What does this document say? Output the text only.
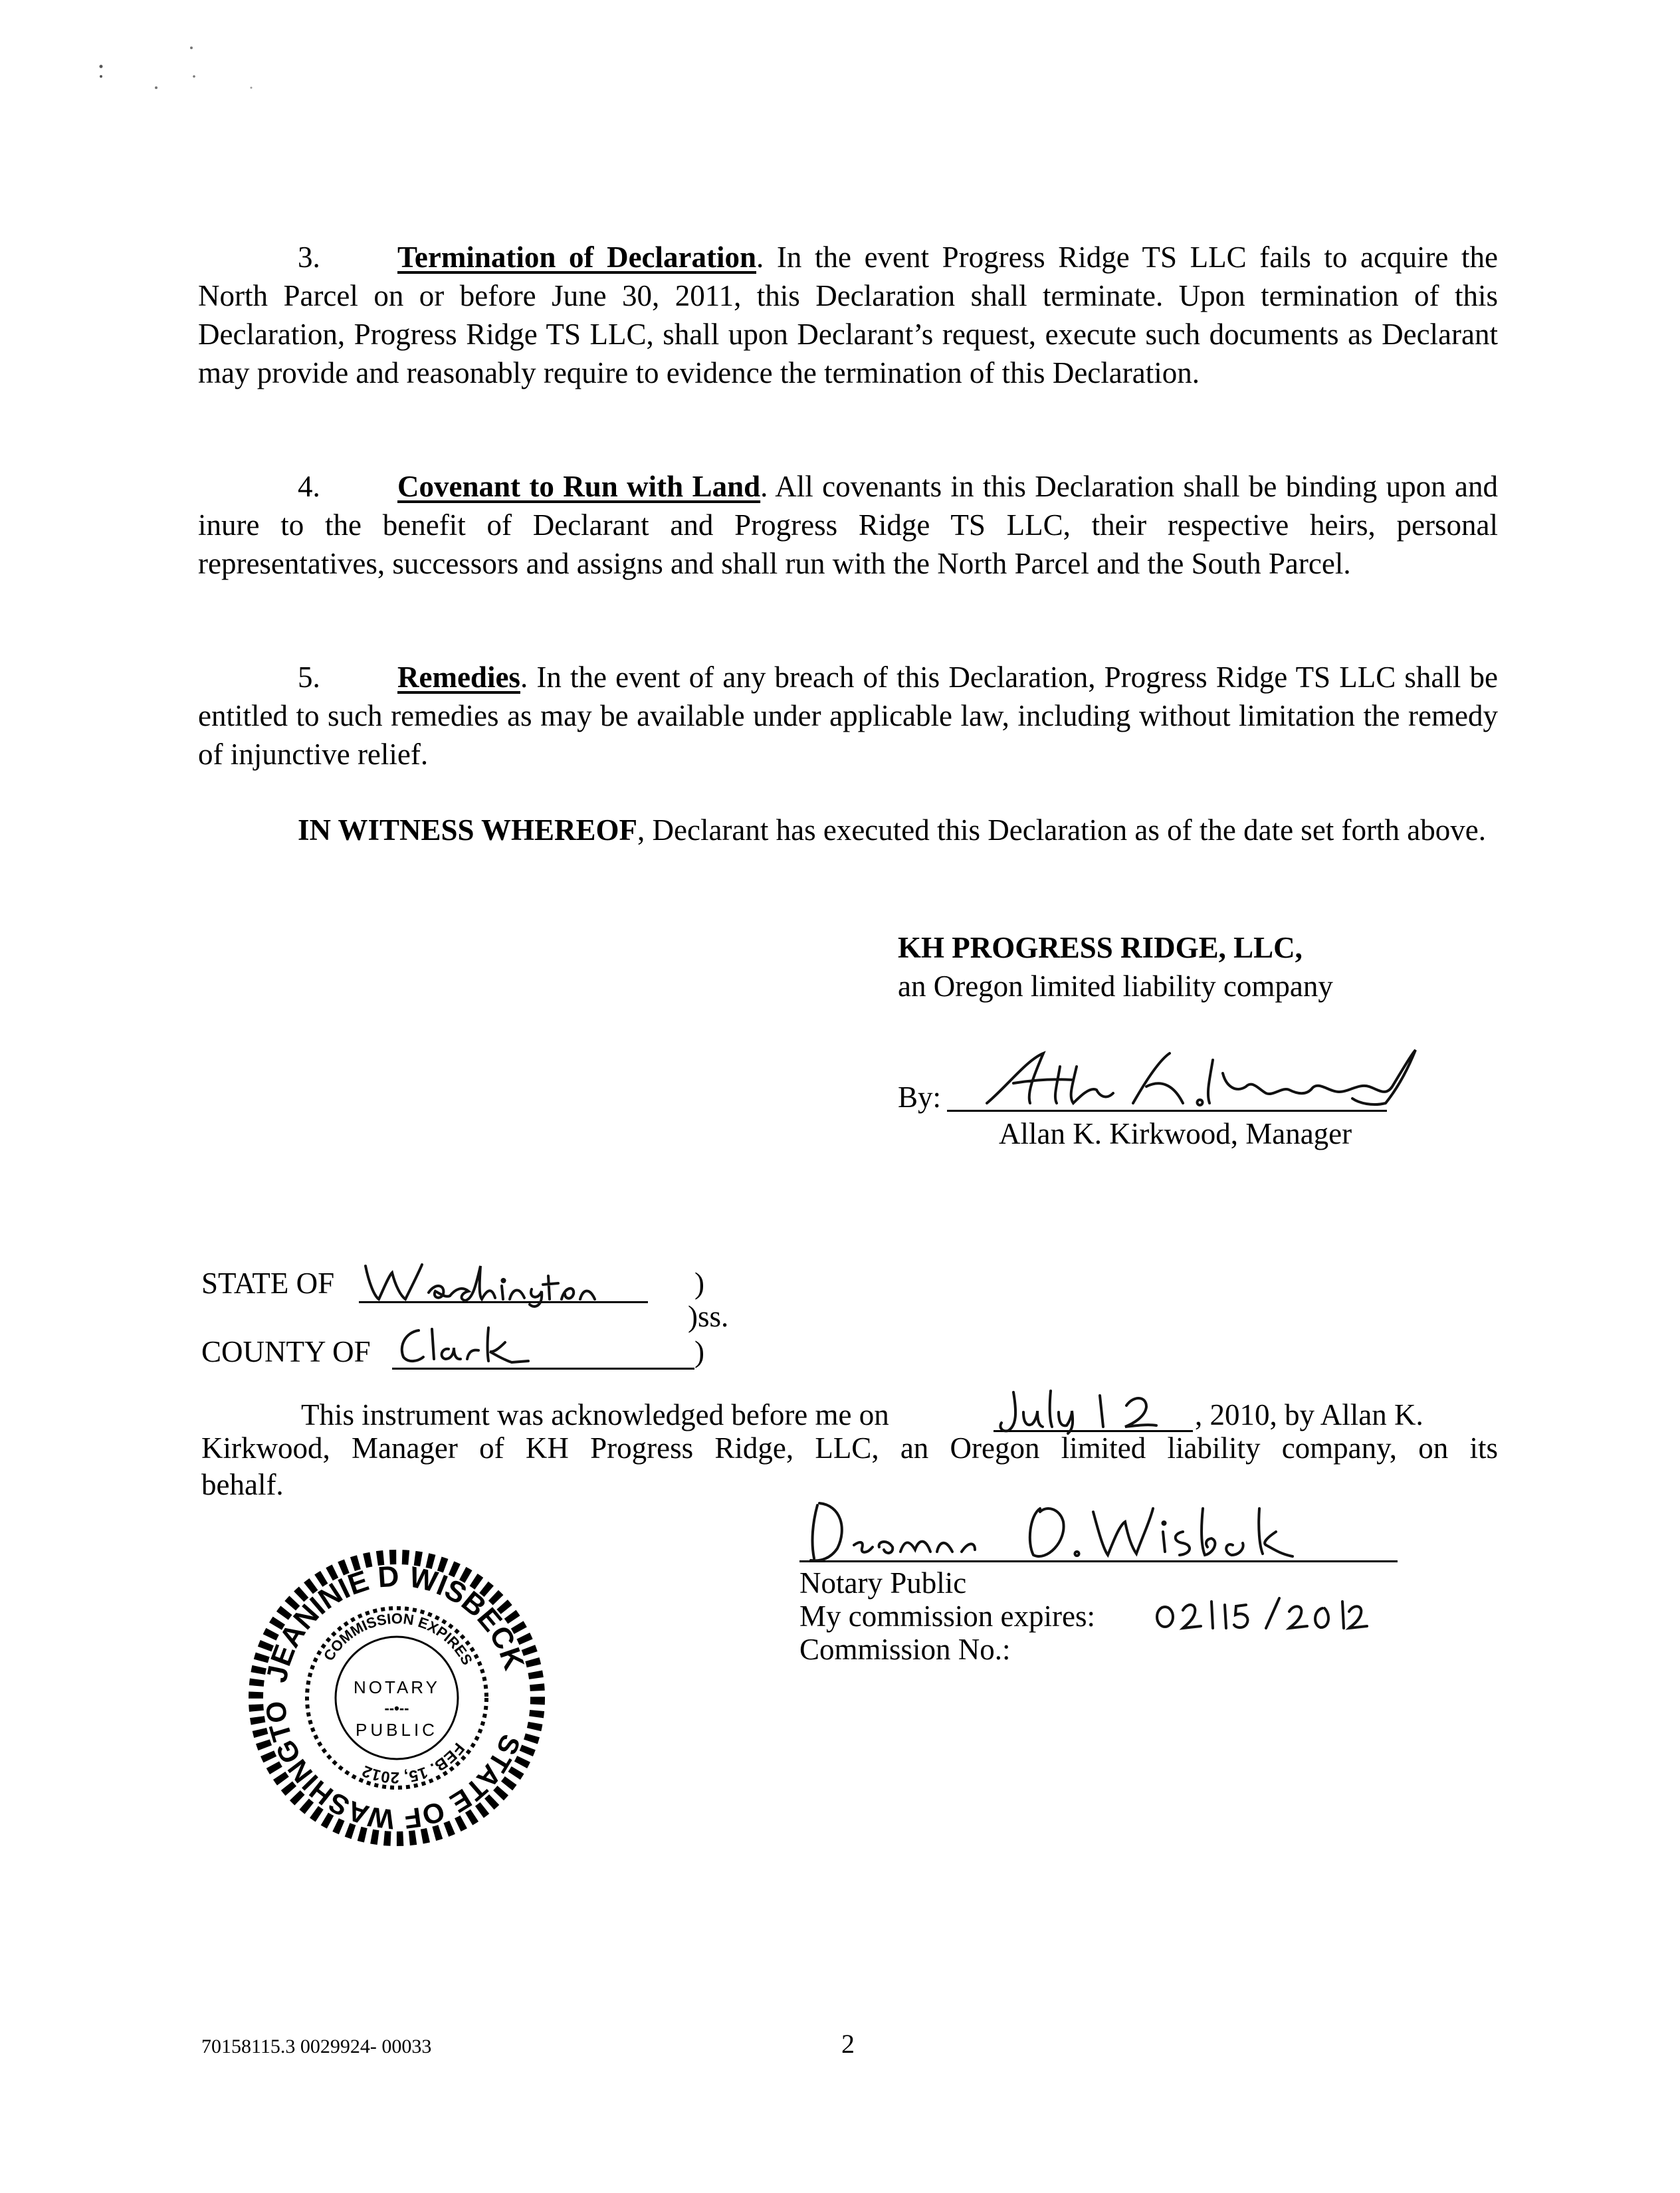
3.	Termination of Declaration. In the event Progress Ridge TS LLC fails to acquire the North Parcel on or before June 30, 2011, this Declaration shall terminate. Upon termination of this Declaration, Progress Ridge TS LLC, shall upon Declarant’s request, execute such documents as Declarant may provide and reasonably require to evidence the termination of this Declaration.

4.	Covenant to Run with Land. All covenants in this Declaration shall be binding upon and inure to the benefit of Declarant and Progress Ridge TS LLC, their respective heirs, personal representatives, successors and assigns and shall run with the North Parcel and the South Parcel.

5.	Remedies. In the event of any breach of this Declaration, Progress Ridge TS LLC shall be entitled to such remedies as may be available under applicable law, including without limitation the remedy of injunctive relief.

IN WITNESS WHEREOF, Declarant has executed this Declaration as of the date set forth above.

KH PROGRESS RIDGE, LLC,
an Oregon limited liability company
By:
Allan K. Kirkwood, Manager
STATE OF	)
)ss.
COUNTY OF	)
This instrument was acknowledged before me on	, 2010, by Allan K.
Kirkwood, Manager of KH Progress Ridge, LLC, an Oregon limited liability company, on its
behalf.
Notary Public
My commission expires:
Commission No.:
JEANINIE D WISBECK
STATE OF WASHINGTON
COMMISSION EXPIRES
FEB. 15, 2012
NOTARY
--•--
PUBLIC
70158115.3 0029924- 00033	2
